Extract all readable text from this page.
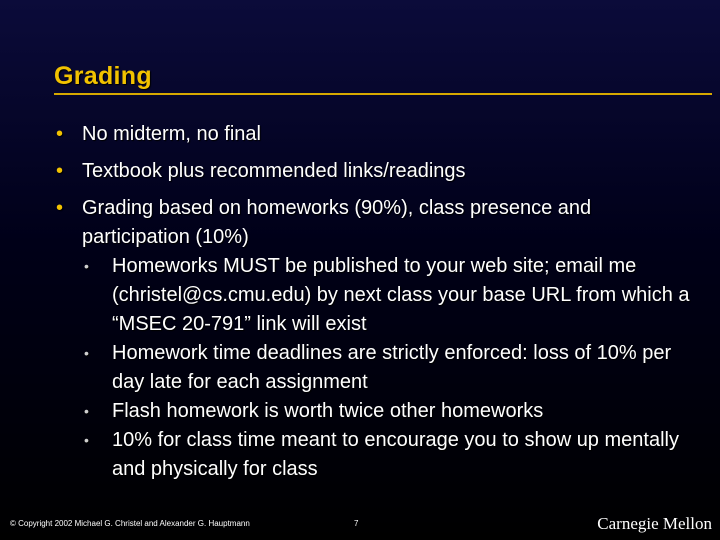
Grading
• No midterm, no final
• Textbook plus recommended links/readings
• Grading based on homeworks (90%), class presence and participation (10%)
• Homeworks MUST be published to your web site; email me (christel@cs.cmu.edu) by next class your base URL from which a “MSEC 20-791” link will exist
• Homework time deadlines are strictly enforced: loss of 10% per day late for each assignment
• Flash homework is worth twice other homeworks
• 10% for class time meant to encourage you to show up mentally and physically for class
© Copyright 2002 Michael G. Christel and Alexander G. Hauptmann	7	Carnegie Mellon
